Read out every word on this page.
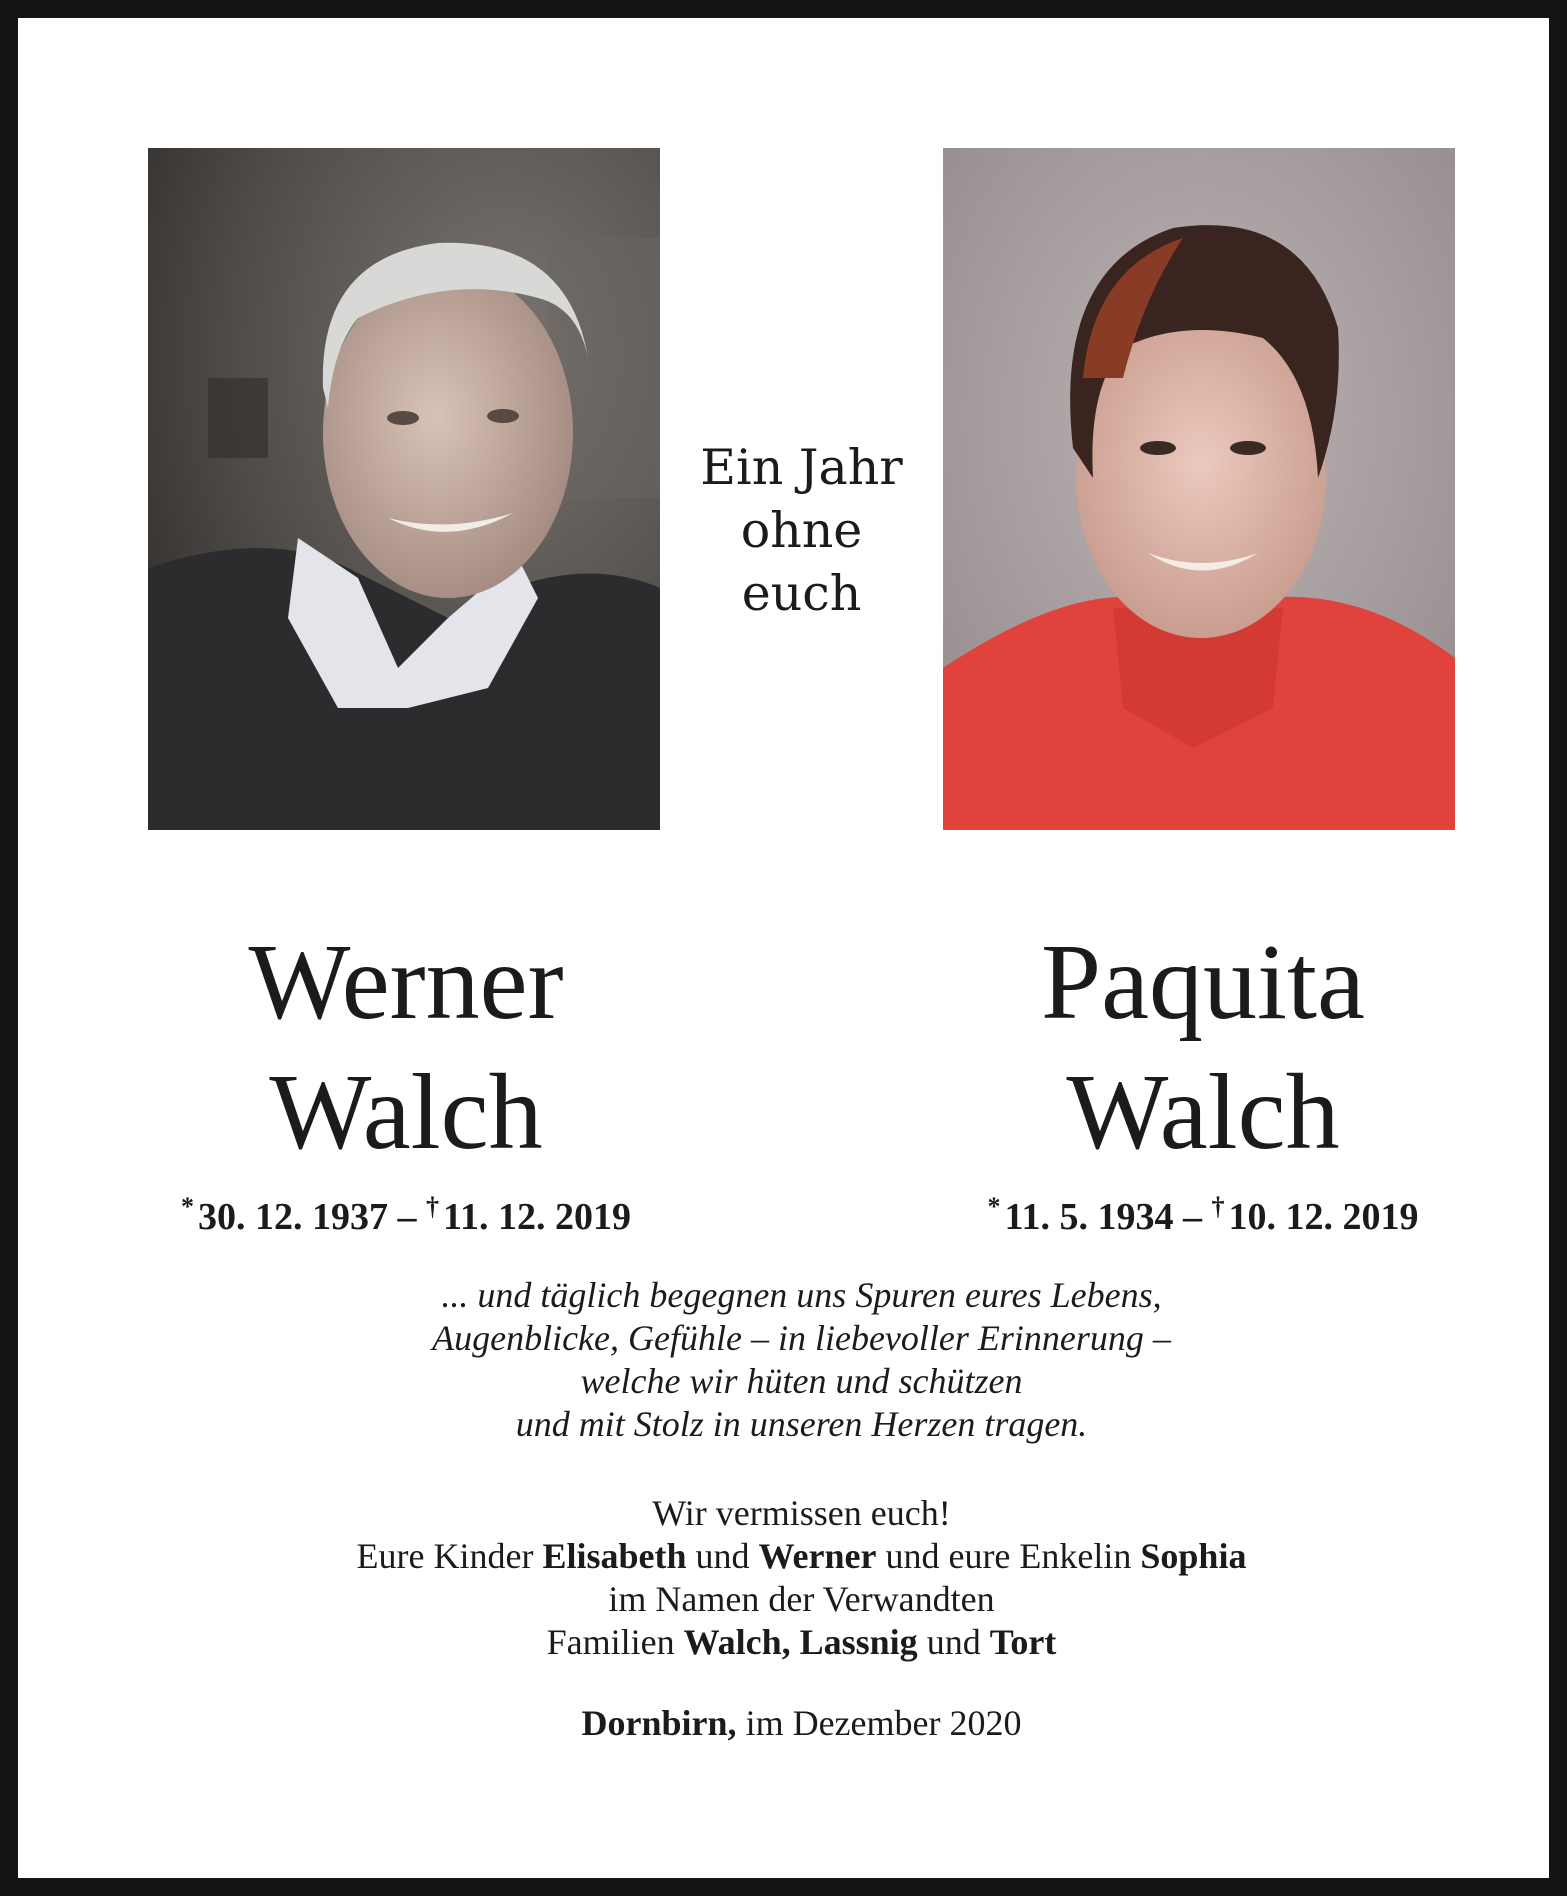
Ein Jahr
ohne
euch
Werner
Walch
Paquita
Walch
* 30. 12. 1937 – † 11. 12. 2019	* 11. 5. 1934 – † 10. 12. 2019
... und täglich begegnen uns Spuren eures Lebens,
Augenblicke, Gefühle – in liebevoller Erinnerung –
welche wir hüten und schützen
und mit Stolz in unseren Herzen tragen.
Wir vermissen euch!
Eure Kinder Elisabeth und Werner und eure Enkelin Sophia
im Namen der Verwandten
Familien Walch, Lassnig und Tort
Dornbirn, im Dezember 2020
